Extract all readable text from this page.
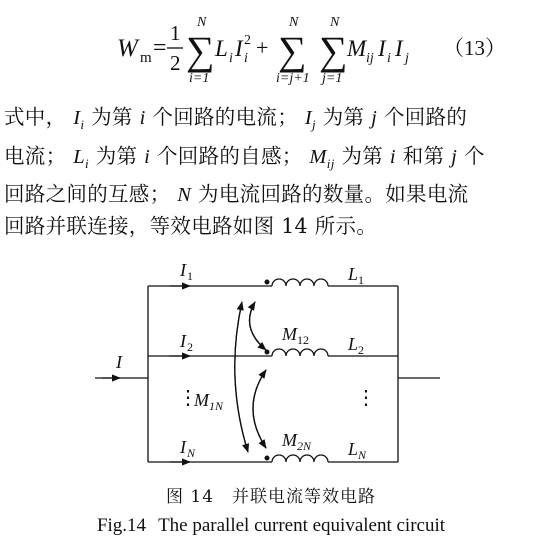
W m =
1
2
N
∑
i=1
L i I 2
i +
N
∑
i=j+1
N
∑
j=1
M ij I i I j （13）
式中， $I_i$ 为第 i 个回路的电流； $I_j$ 为第 j 个回路的
电流； $L_i$ 为第 i 个回路的自感； $M_{ij}$ 为第 i 和第 j 个
回路之间的互感； N 为电流回路的数量。如果电流
回路并联连接，等效电路如图 14 所示。
I
I 1
I 2
I N
L 1
L 2
L N
M 12
M 1N
M 2N
⋮	⋮
图 14 并联电流等效电路
Fig.14 The parallel current equivalent circuit
